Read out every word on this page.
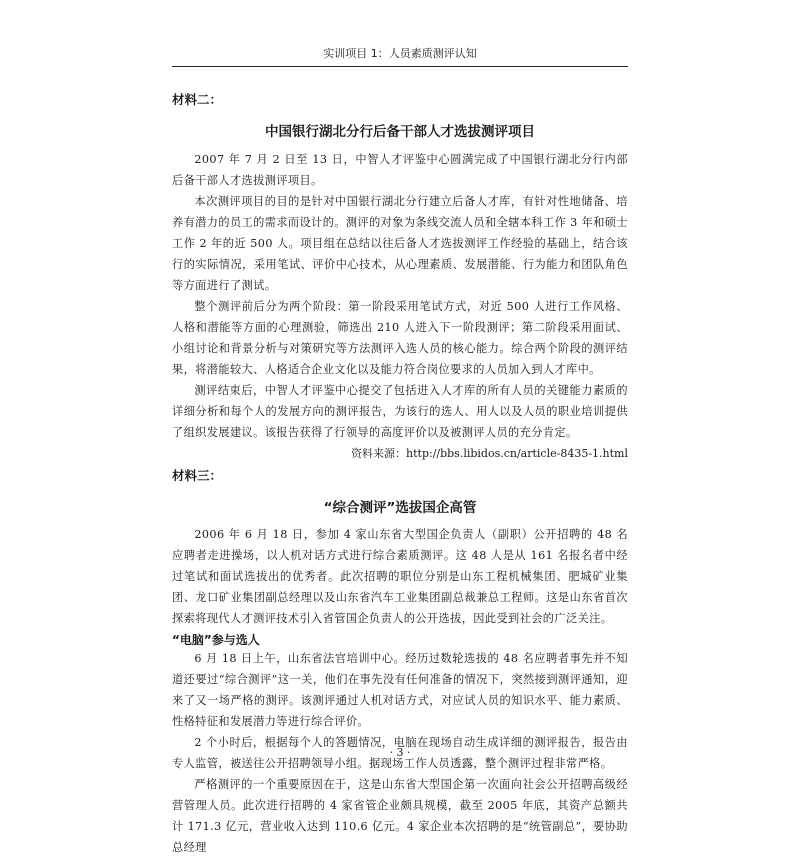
实训项目 1：人员素质测评认知

材料二：

中国银行湖北分行后备干部人才选拔测评项目

2007 年 7 月 2 日至 13 日，中智人才评鉴中心圆满完成了中国银行湖北分行内部后备干部人才选拔测评项目。

本次测评项目的目的是针对中国银行湖北分行建立后备人才库，有针对性地储备、培养有潜力的员工的需求而设计的。测评的对象为条线交流人员和全辖本科工作 3 年和硕士工作 2 年的近 500 人。项目组在总结以往后备人才选拔测评工作经验的基础上，结合该行的实际情况，采用笔试、评价中心技术，从心理素质、发展潜能、行为能力和团队角色等方面进行了测试。

整个测评前后分为两个阶段：第一阶段采用笔试方式，对近 500 人进行工作风格、人格和潜能等方面的心理测验，筛选出 210 人进入下一阶段测评；第二阶段采用面试、小组讨论和背景分析与对策研究等方法测评入选人员的核心能力。综合两个阶段的测评结果，将潜能较大、人格适合企业文化以及能力符合岗位要求的人员加入到人才库中。

测评结束后，中智人才评鉴中心提交了包括进入人才库的所有人员的关键能力素质的详细分析和每个人的发展方向的测评报告，为该行的选人、用人以及人员的职业培训提供了组织发展建议。该报告获得了行领导的高度评价以及被测评人员的充分肯定。

资料来源：http://bbs.libidos.cn/article-8435-1.html

材料三：

“综合测评”选拔国企高管

2006 年 6 月 18 日，参加 4 家山东省大型国企负责人（副职）公开招聘的 48 名应聘者走进操场，以人机对话方式进行综合素质测评。这 48 人是从 161 名报名者中经过笔试和面试选拔出的优秀者。此次招聘的职位分别是山东工程机械集团、肥城矿业集团、龙口矿业集团副总经理以及山东省汽车工业集团副总裁兼总工程师。这是山东省首次探索将现代人才测评技术引入省管国企负责人的公开选拔，因此受到社会的广泛关注。

“电脑”参与选人

6 月 18 日上午，山东省法官培训中心。经历过数轮选拔的 48 名应聘者事先并不知道还要过“综合测评”这一关，他们在事先没有任何准备的情况下，突然接到测评通知，迎来了又一场严格的测评。该测评通过人机对话方式，对应试人员的知识水平、能力素质、性格特征和发展潜力等进行综合评价。

2 个小时后，根据每个人的答题情况，电脑在现场自动生成详细的测评报告，报告由专人监管，被送往公开招聘领导小组。据现场工作人员透露，整个测评过程非常严格。

严格测评的一个重要原因在于，这是山东省大型国企第一次面向社会公开招聘高级经营管理人员。此次进行招聘的 4 家省管企业颇具规模，截至 2005 年底，其资产总额共计 171.3 亿元，营业收入达到 110.6 亿元。4 家企业本次招聘的是“统管副总”，要协助总经理

· 3 ·
